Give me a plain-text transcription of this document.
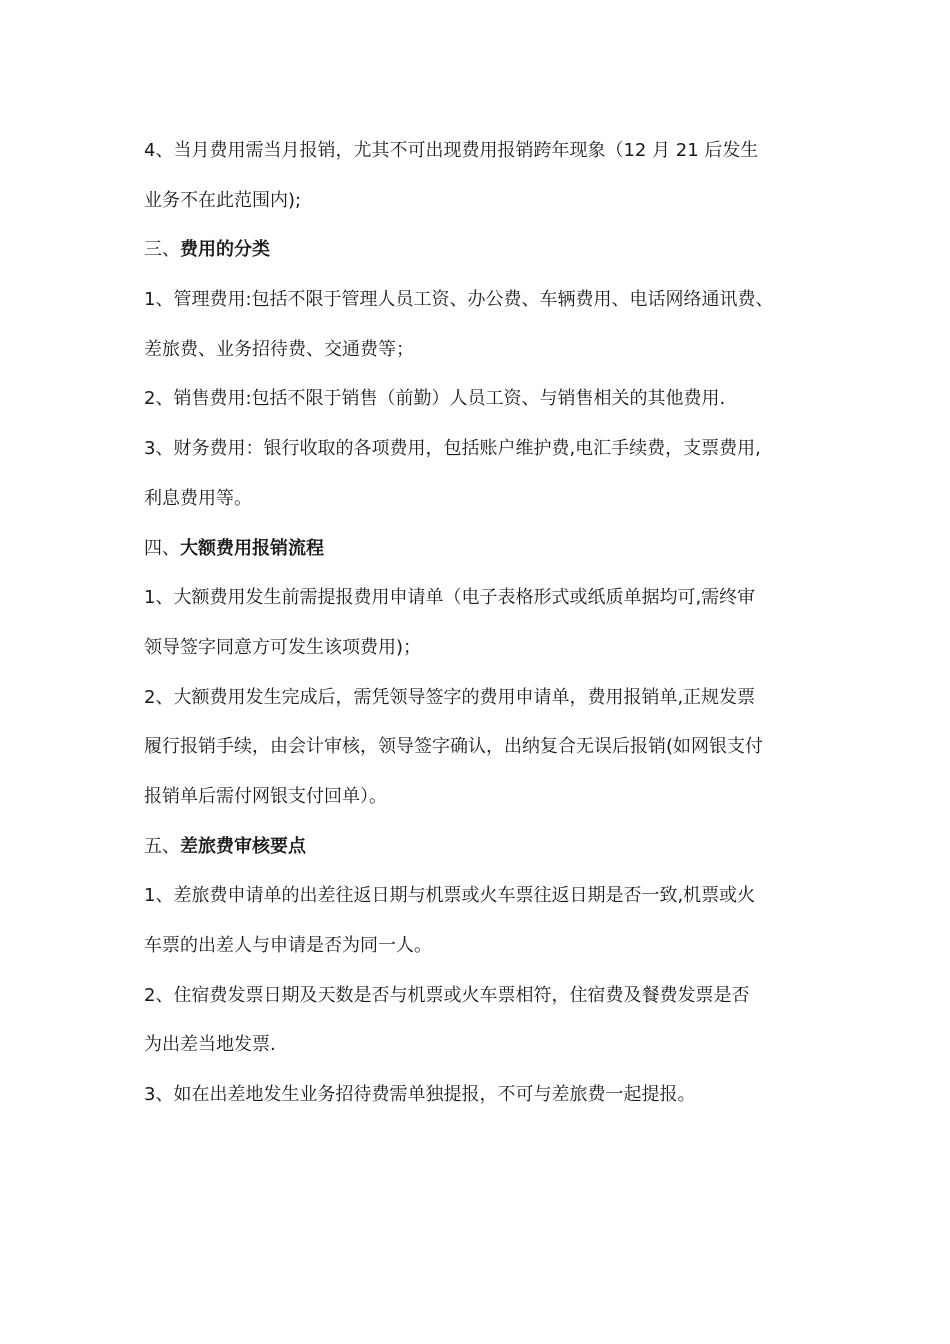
4、当月费用需当月报销，尤其不可出现费用报销跨年现象（12 月 21 后发生
业务不在此范围内);
三、费用的分类
1、管理费用:包括不限于管理人员工资、办公费、车辆费用、电话网络通讯费、
差旅费、业务招待费、交通费等；
2、销售费用:包括不限于销售（前勤）人员工资、与销售相关的其他费用.
3、财务费用：银行收取的各项费用，包括账户维护费,电汇手续费，支票费用,
利息费用等。
四、大额费用报销流程
1、大额费用发生前需提报费用申请单（电子表格形式或纸质单据均可,需终审
领导签字同意方可发生该项费用)；
2、大额费用发生完成后，需凭领导签字的费用申请单，费用报销单,正规发票
履行报销手续，由会计审核，领导签字确认，出纳复合无误后报销(如网银支付
报销单后需付网银支付回单）。
五、差旅费审核要点
1、差旅费申请单的出差往返日期与机票或火车票往返日期是否一致,机票或火
车票的出差人与申请是否为同一人。
2、住宿费发票日期及天数是否与机票或火车票相符，住宿费及餐费发票是否
为出差当地发票.
3、如在出差地发生业务招待费需单独提报，不可与差旅费一起提报。
